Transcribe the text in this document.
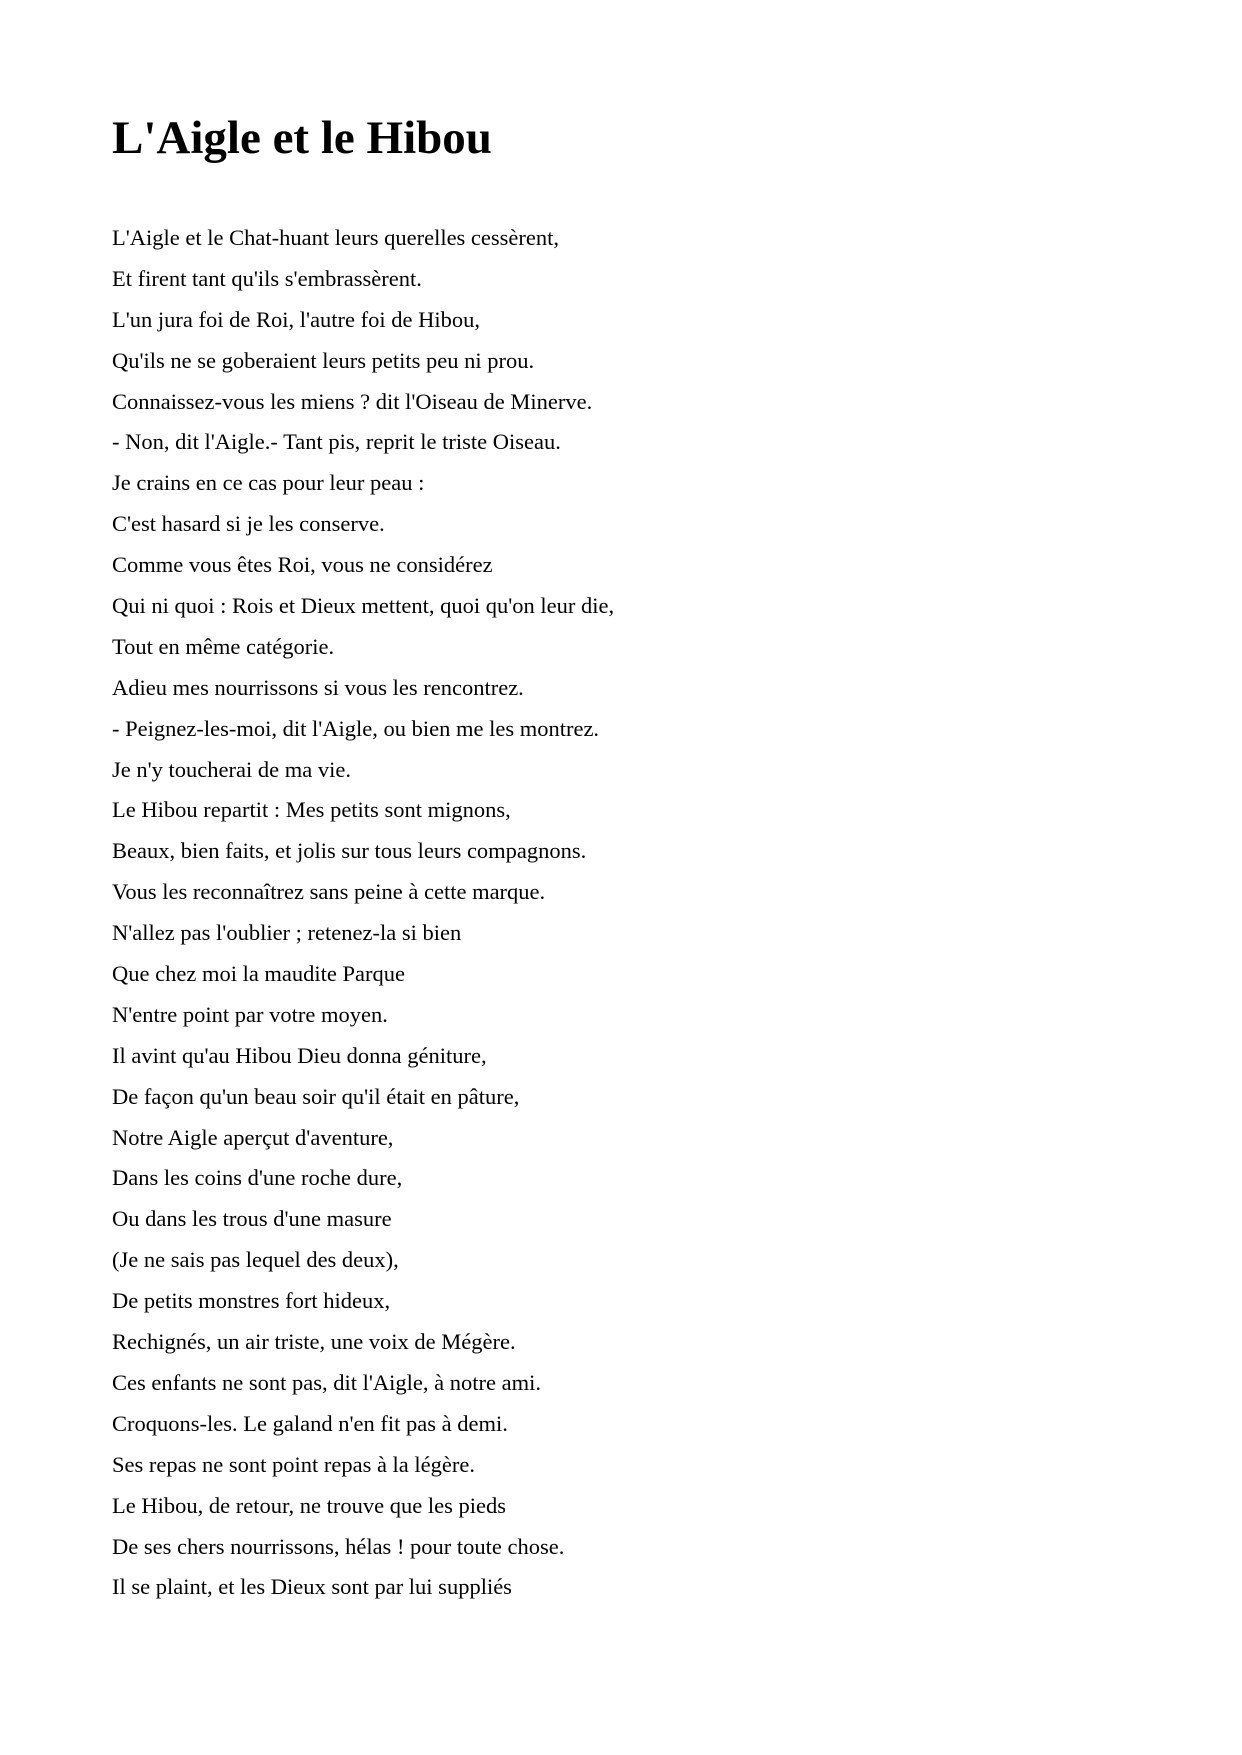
L'Aigle et le Hibou
L'Aigle et le Chat-huant leurs querelles cessèrent,
Et firent tant qu'ils s'embrassèrent.
L'un jura foi de Roi, l'autre foi de Hibou,
Qu'ils ne se goberaient leurs petits peu ni prou.
Connaissez-vous les miens ? dit l'Oiseau de Minerve.
- Non, dit l'Aigle.- Tant pis, reprit le triste Oiseau.
Je crains en ce cas pour leur peau :
C'est hasard si je les conserve.
Comme vous êtes Roi, vous ne considérez
Qui ni quoi : Rois et Dieux mettent, quoi qu'on leur die,
Tout en même catégorie.
Adieu mes nourrissons si vous les rencontrez.
- Peignez-les-moi, dit l'Aigle, ou bien me les montrez.
Je n'y toucherai de ma vie.
Le Hibou repartit : Mes petits sont mignons,
Beaux, bien faits, et jolis sur tous leurs compagnons.
Vous les reconnaîtrez sans peine à cette marque.
N'allez pas l'oublier ; retenez-la si bien
Que chez moi la maudite Parque
N'entre point par votre moyen.
Il avint qu'au Hibou Dieu donna géniture,
De façon qu'un beau soir qu'il était en pâture,
Notre Aigle aperçut d'aventure,
Dans les coins d'une roche dure,
Ou dans les trous d'une masure
(Je ne sais pas lequel des deux),
De petits monstres fort hideux,
Rechignés, un air triste, une voix de Mégère.
Ces enfants ne sont pas, dit l'Aigle, à notre ami.
Croquons-les. Le galand n'en fit pas à demi.
Ses repas ne sont point repas à la légère.
Le Hibou, de retour, ne trouve que les pieds
De ses chers nourrissons, hélas ! pour toute chose.
Il se plaint, et les Dieux sont par lui suppliés
